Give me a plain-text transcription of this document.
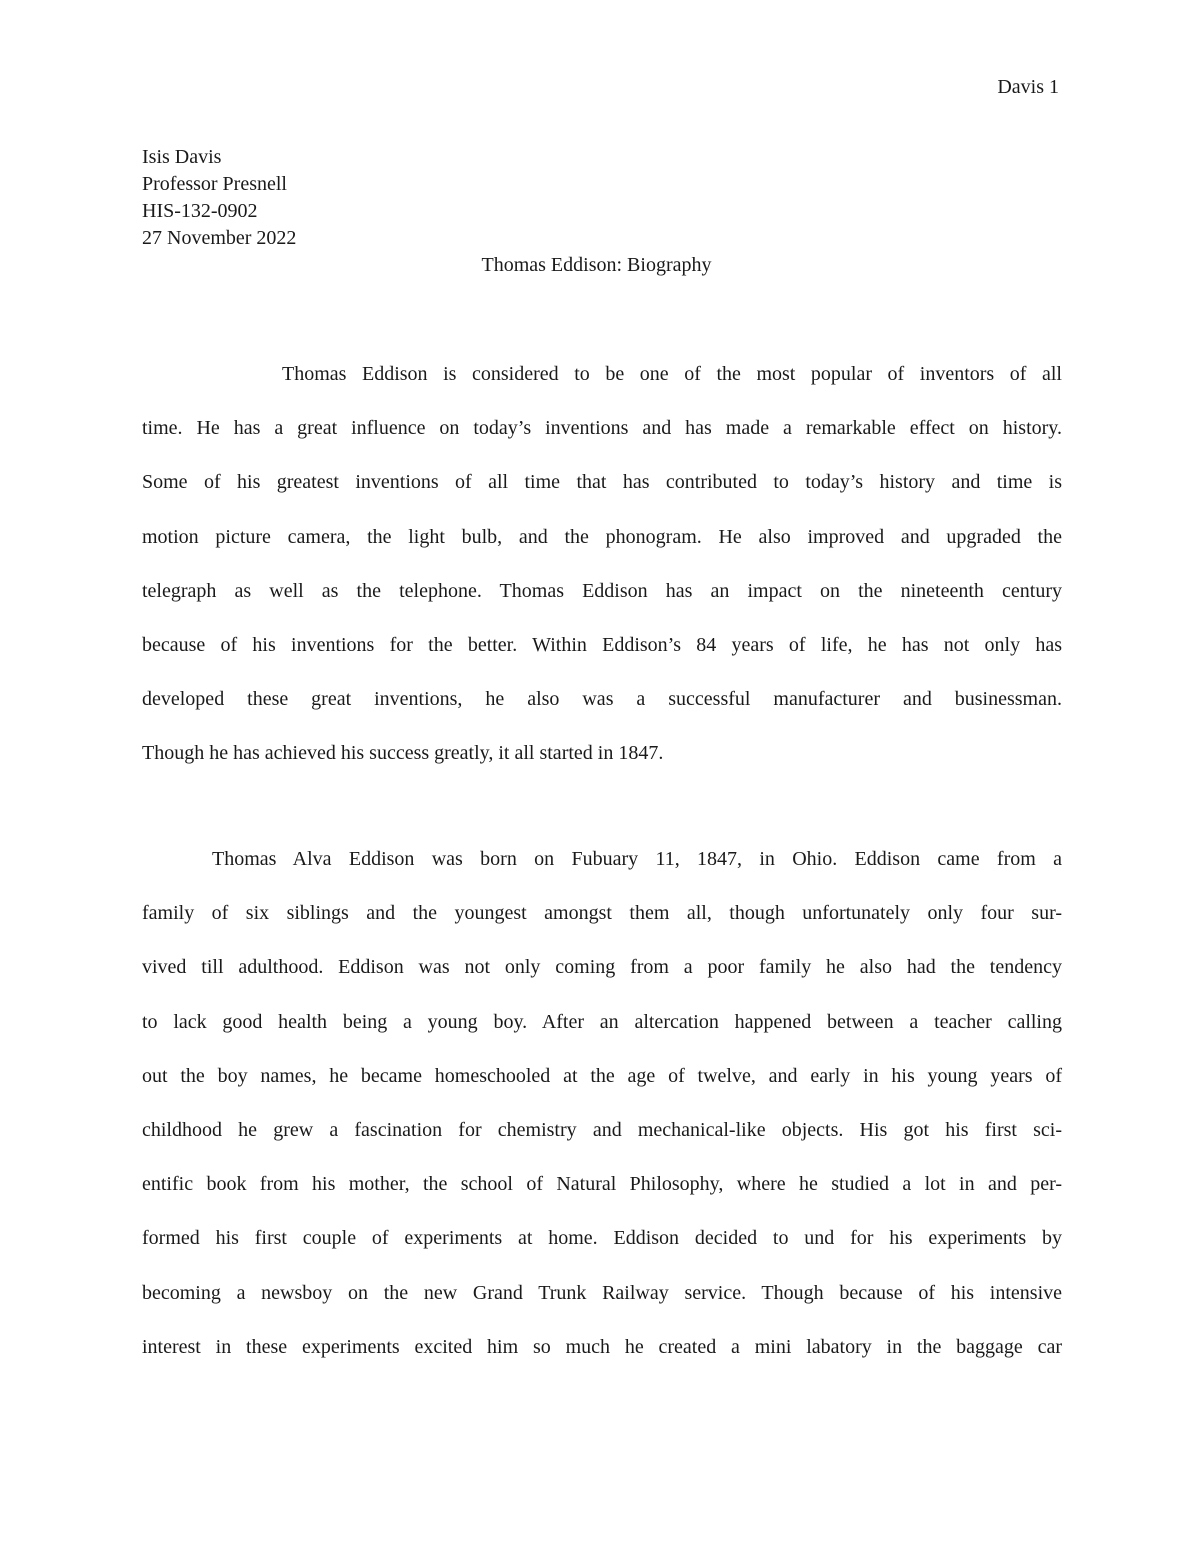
Davis 1
Isis Davis
Professor Presnell
HIS-132-0902
27 November 2022
Thomas Eddison: Biography
Thomas Eddison is considered to be one of the most popular of inventors of all
time. He has a great influence on today’s inventions and has made a remarkable effect on history.
Some of his greatest inventions of all time that has contributed to today’s history and time is
motion picture camera, the light bulb, and the phonogram. He also improved and upgraded the
telegraph as well as the telephone. Thomas Eddison has an impact on the nineteenth century
because of his inventions for the better. Within Eddison’s 84 years of life, he has not only has
developed these great inventions, he also was a successful manufacturer and businessman.
Though he has achieved his success greatly, it all started in 1847.
Thomas Alva Eddison was born on Fubuary 11, 1847, in Ohio. Eddison came from a
family of six siblings and the youngest amongst them all, though unfortunately only four sur-
vived till adulthood. Eddison was not only coming from a poor family he also had the tendency
to lack good health being a young boy. After an altercation happened between a teacher calling
out the boy names, he became homeschooled at the age of twelve, and early in his young years of
childhood he grew a fascination for chemistry and mechanical-like objects. His got his first sci-
entific book from his mother, the school of Natural Philosophy, where he studied a lot in and per-
formed his first couple of experiments at home. Eddison decided to und for his experiments by
becoming a newsboy on the new Grand Trunk Railway service. Though because of his intensive
interest in these experiments excited him so much he created a mini labatory in the baggage car
